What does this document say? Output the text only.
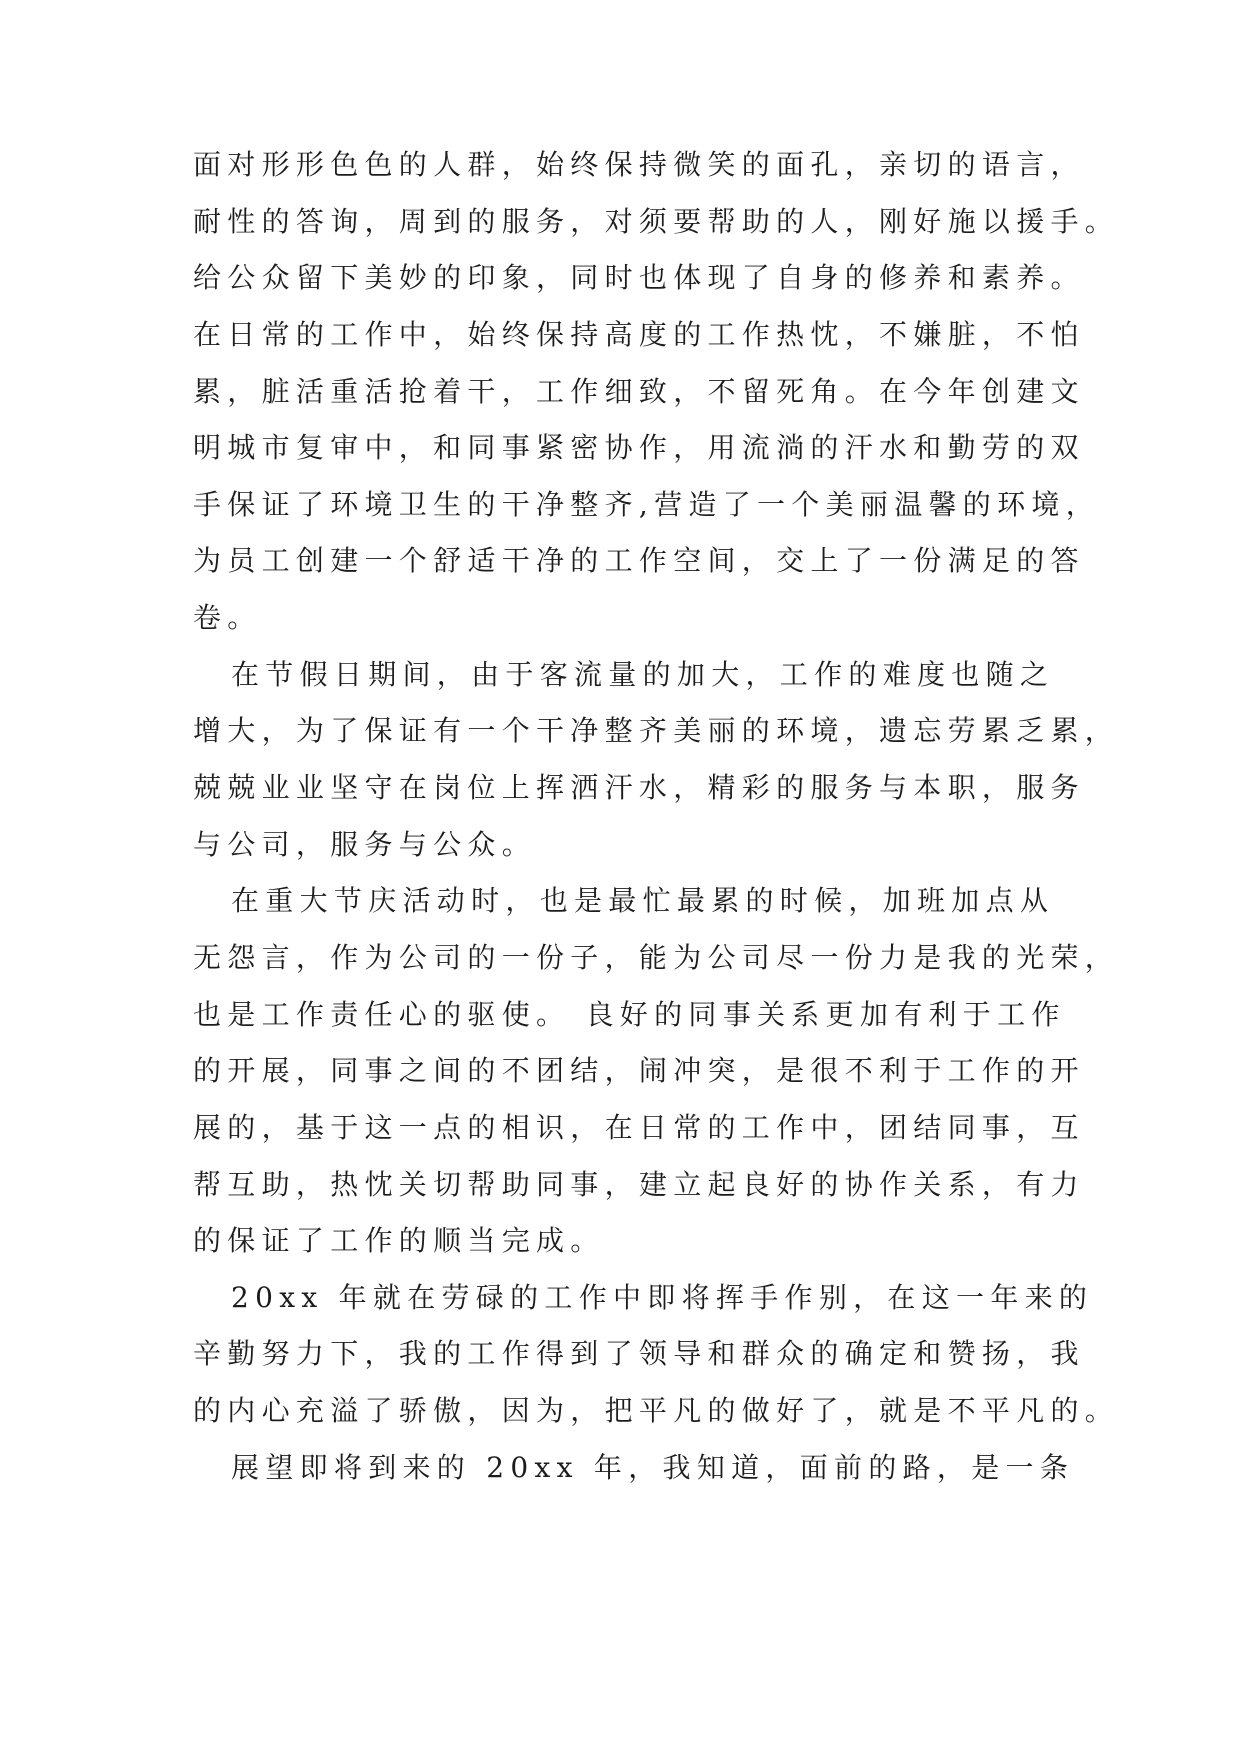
面对形形色色的人群，始终保持微笑的面孔，亲切的语言，
耐性的答询，周到的服务，对须要帮助的人，刚好施以援手。
给公众留下美妙的印象，同时也体现了自身的修养和素养。
在日常的工作中，始终保持高度的工作热忱，不嫌脏，不怕
累，脏活重活抢着干，工作细致，不留死角。在今年创建文
明城市复审中，和同事紧密协作，用流淌的汗水和勤劳的双
手保证了环境卫生的干净整齐,营造了一个美丽温馨的环境，
为员工创建一个舒适干净的工作空间，交上了一份满足的答
卷。
在节假日期间，由于客流量的加大，工作的难度也随之
增大，为了保证有一个干净整齐美丽的环境，遗忘劳累乏累，
兢兢业业坚守在岗位上挥洒汗水，精彩的服务与本职，服务
与公司，服务与公众。
在重大节庆活动时，也是最忙最累的时候，加班加点从
无怨言，作为公司的一份子，能为公司尽一份力是我的光荣，
也是工作责任心的驱使。 良好的同事关系更加有利于工作
的开展，同事之间的不团结，闹冲突，是很不利于工作的开
展的，基于这一点的相识，在日常的工作中，团结同事，互
帮互助，热忱关切帮助同事，建立起良好的协作关系，有力
的保证了工作的顺当完成。
20xx 年就在劳碌的工作中即将挥手作别，在这一年来的
辛勤努力下，我的工作得到了领导和群众的确定和赞扬，我
的内心充溢了骄傲，因为，把平凡的做好了，就是不平凡的。
展望即将到来的 20xx 年，我知道，面前的路，是一条
